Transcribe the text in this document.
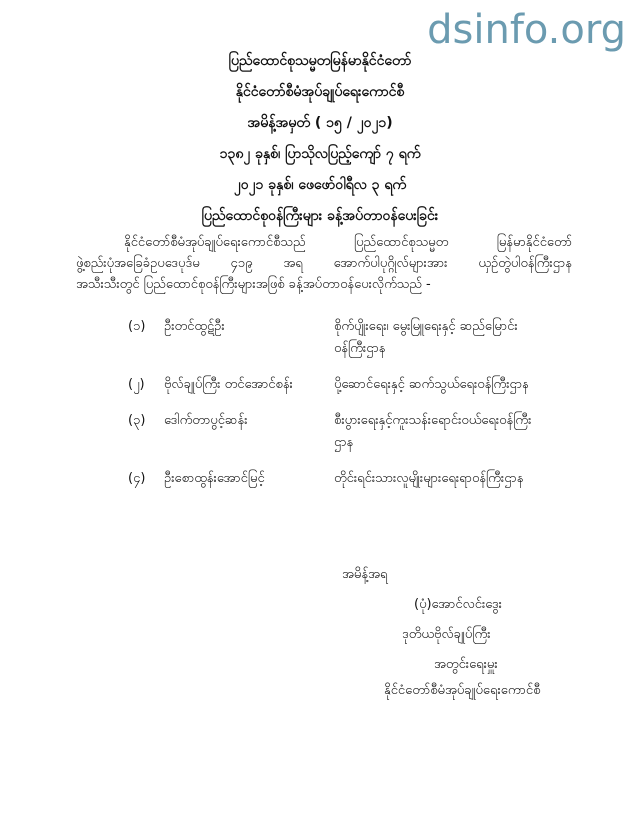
dsinfo.org
ပြည်ထောင်စုသမ္မတမြန်မာနိုင်ငံတော်
နိုင်ငံတော်စီမံအုပ်ချုပ်ရေးကောင်စီ
အမိန့်အမှတ် ( ၁၅ / ၂၀၂၁)
၁၃၈၂ ခုနှစ်၊ ပြာသိုလပြည့်ကျော် ၇ ရက်
၂၀၂၁ ခုနှစ်၊ ဖေဖော်ဝါရီလ ၃ ရက်
ပြည်ထောင်စုဝန်ကြီးများ ခန့်အပ်တာဝန်ပေးခြင်း
နိုင်ငံတော်စီမံအုပ်ချုပ်ရေးကောင်စီသည်	ပြည်ထောင်စုသမ္မတ	မြန်မာနိုင်ငံတော်
ဖွဲ့စည်းပုံအခြေခံဥပဒေပုဒ်မ ၄၁၉ အရ အောက်ပါပုဂ္ဂိုလ်များအား ယှဉ်တွဲပါဝန်ကြီးဌာန
အသီးသီးတွင် ပြည်ထောင်စုဝန်ကြီးများအဖြစ် ခန့်အပ်တာဝန်ပေးလိုက်သည် -
(၁)	ဦးတင်ထွဋ်ဦး	စိုက်ပျိုးရေး၊ မွေးမြူရေးနှင့် ဆည်မြောင်း
ဝန်ကြီးဌာန
(၂)	ဗိုလ်ချုပ်ကြီး တင်အောင်စန်း	ပို့ဆောင်ရေးနှင့် ဆက်သွယ်ရေးဝန်ကြီးဌာန
(၃)	ဒေါက်တာပွင့်ဆန်း	စီးပွားရေးနှင့်ကူးသန်းရောင်းဝယ်ရေးဝန်ကြီး
ဌာန
(၄)	ဦးစောထွန်းအောင်မြင့်	တိုင်းရင်းသားလူမျိုးများရေးရာဝန်ကြီးဌာန
အမိန့်အရ
(ပုံ)အောင်လင်းဒွေး
ဒုတိယဗိုလ်ချုပ်ကြီး
အတွင်းရေးမှူး
နိုင်ငံတော်စီမံအုပ်ချုပ်ရေးကောင်စီ
